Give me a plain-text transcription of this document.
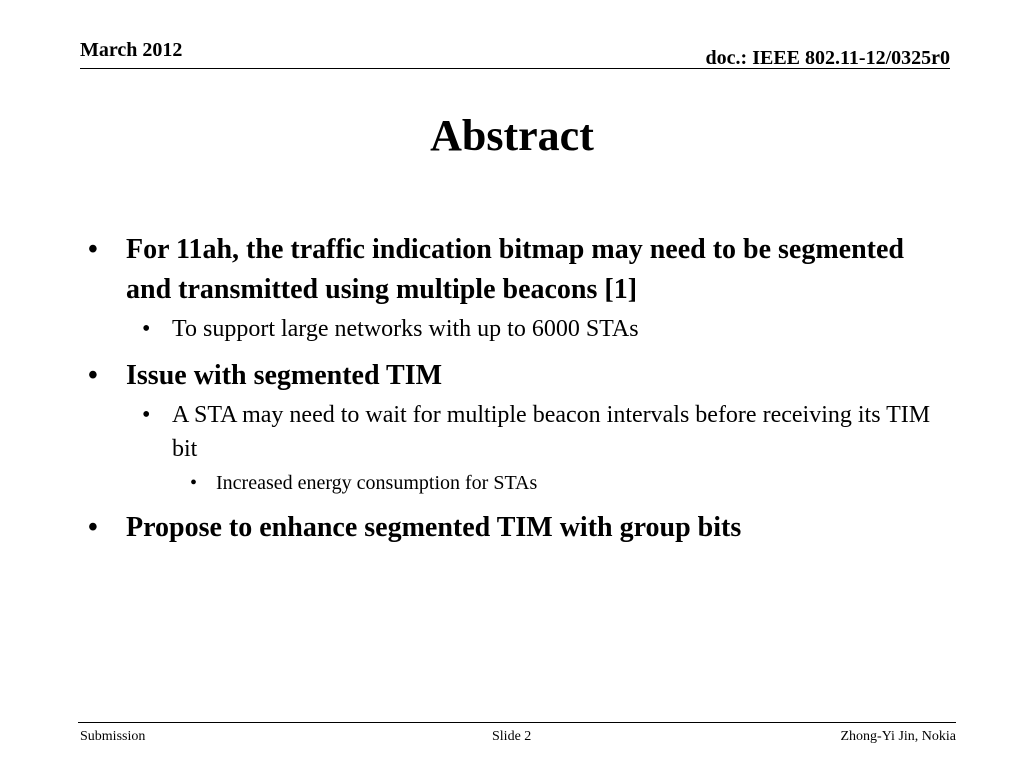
March 2012	doc.: IEEE 802.11-12/0325r0
Abstract
• For 11ah, the traffic indication bitmap may need to be segmented and transmitted using multiple beacons [1]
• To support large networks with up to 6000 STAs
• Issue with segmented TIM
• A STA may need to wait for multiple beacon intervals before receiving its TIM bit
• Increased energy consumption for STAs
• Propose to enhance segmented TIM with group bits
Submission	Slide 2	Zhong-Yi Jin, Nokia
